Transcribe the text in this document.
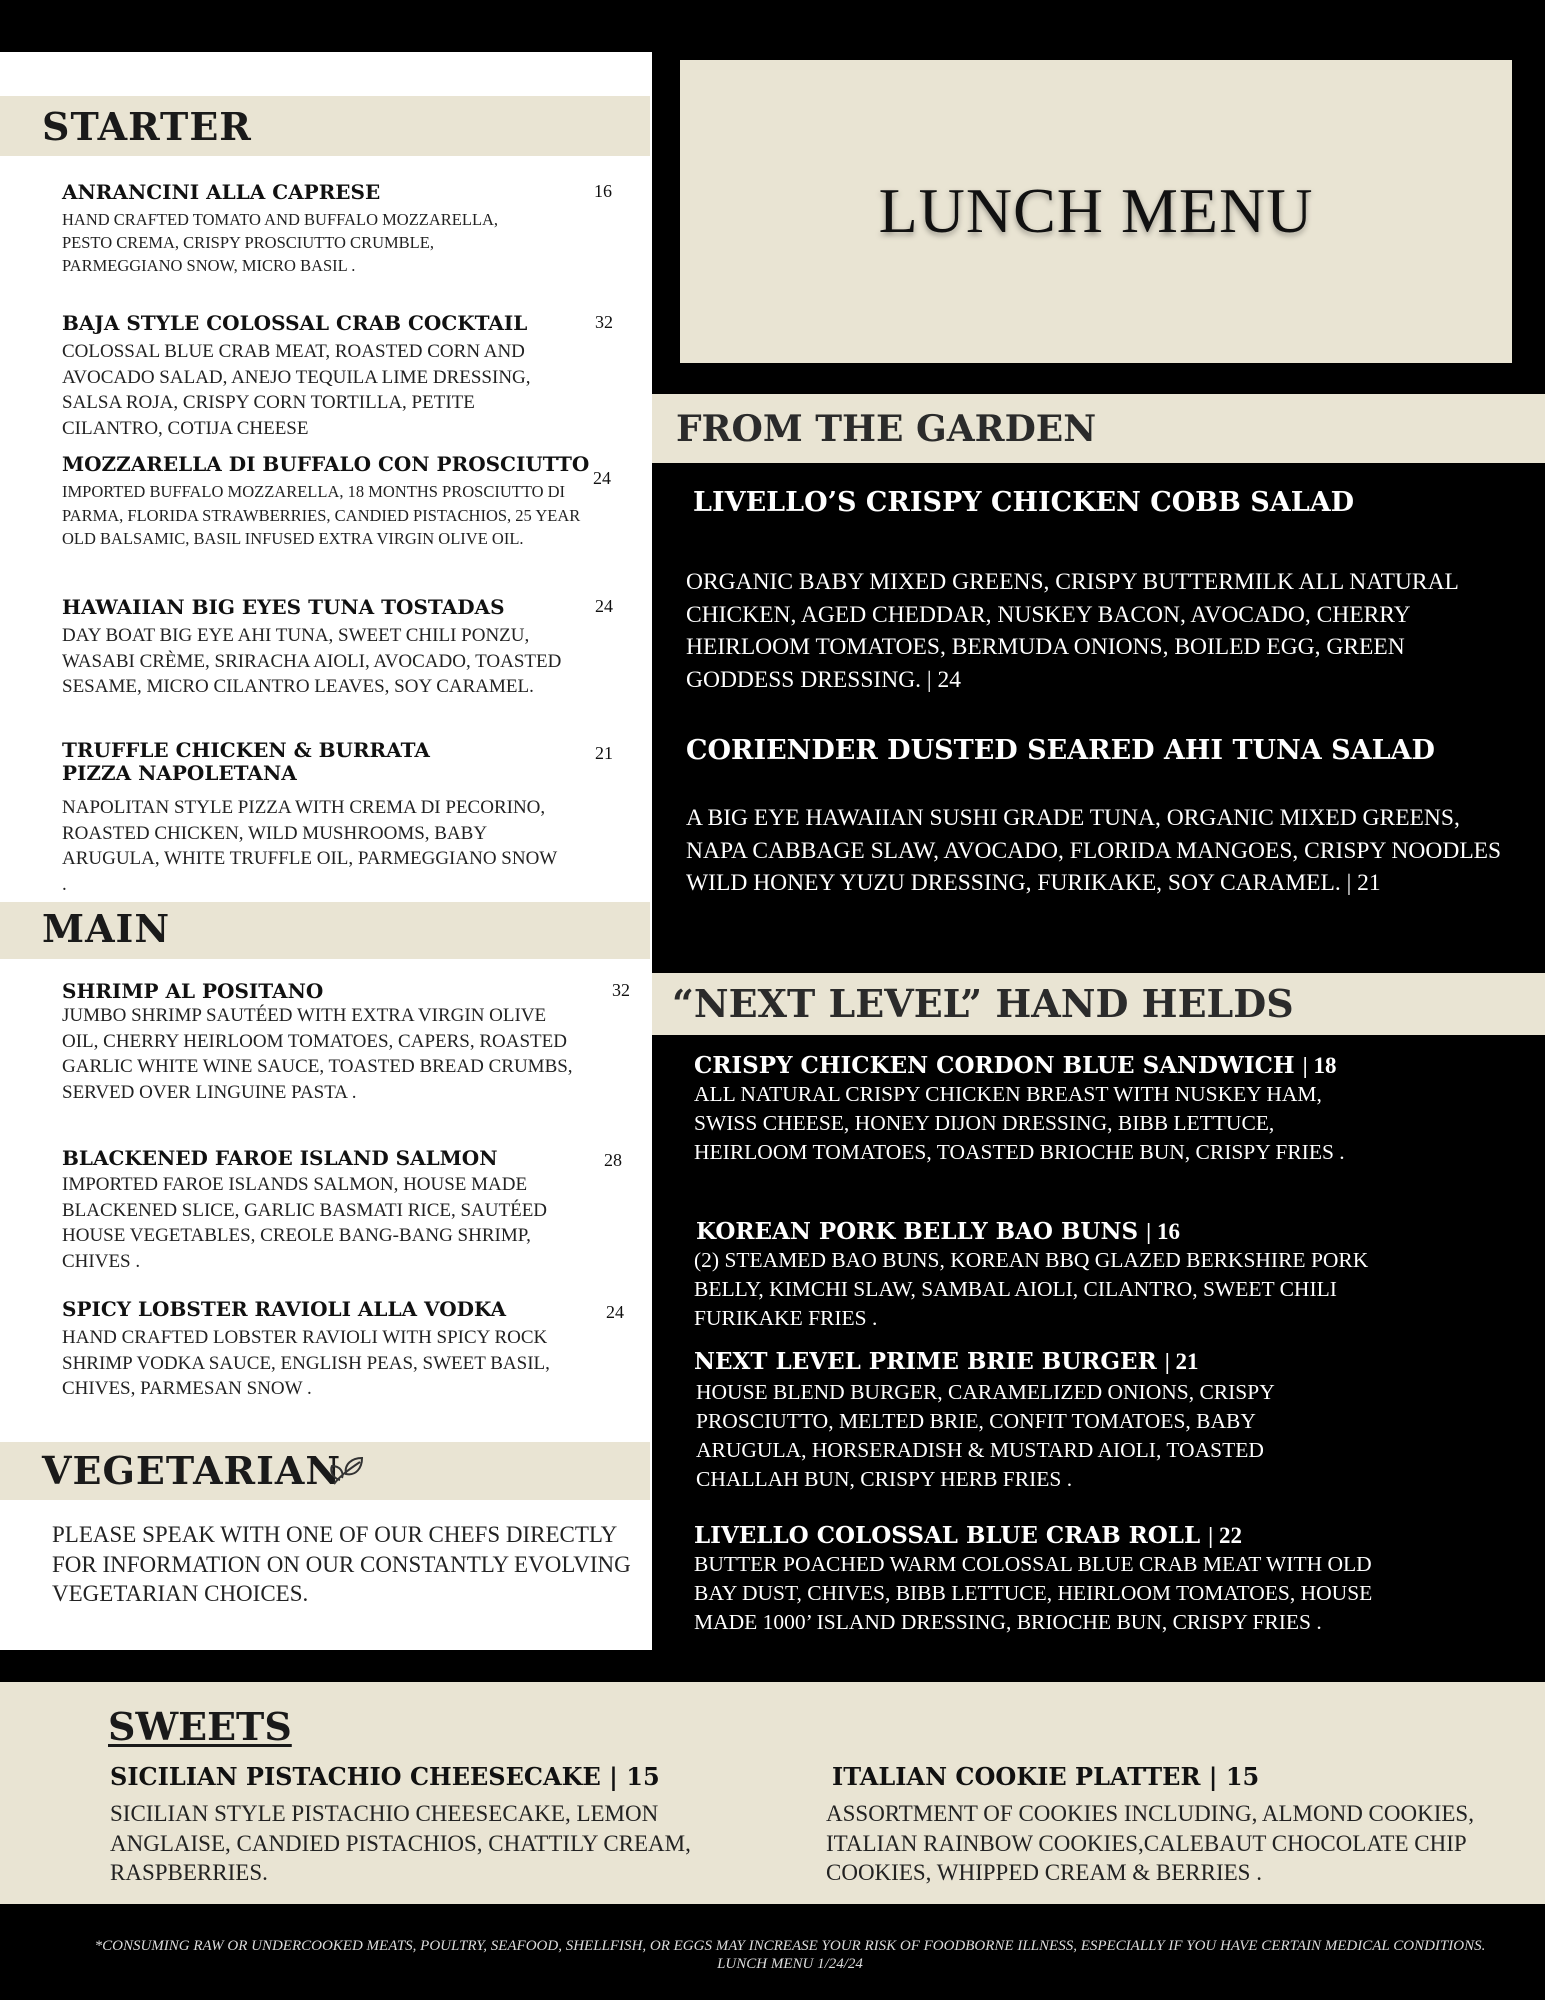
STARTER
ANRANCINI ALLA CAPRESE	16
HAND CRAFTED TOMATO AND BUFFALO MOZZARELLA, PESTO CREMA, CRISPY PROSCIUTTO CRUMBLE, PARMEGGIANO SNOW, MICRO BASIL .
BAJA STYLE COLOSSAL CRAB COCKTAIL	32
COLOSSAL BLUE CRAB MEAT, ROASTED CORN AND AVOCADO SALAD, ANEJO TEQUILA LIME DRESSING, SALSA ROJA, CRISPY CORN TORTILLA, PETITE CILANTRO, COTIJA CHEESE
MOZZARELLA DI BUFFALO CON PROSCIUTTO
24
IMPORTED BUFFALO MOZZARELLA, 18 MONTHS PROSCIUTTO DI PARMA, FLORIDA STRAWBERRIES, CANDIED PISTACHIOS, 25 YEAR OLD BALSAMIC, BASIL INFUSED EXTRA VIRGIN OLIVE OIL.
HAWAIIAN BIG EYES TUNA TOSTADAS	24
DAY BOAT BIG EYE AHI TUNA, SWEET CHILI PONZU, WASABI CRÈME, SRIRACHA AIOLI, AVOCADO, TOASTED SESAME, MICRO CILANTRO LEAVES, SOY CARAMEL.
TRUFFLE CHICKEN & BURRATA PIZZA NAPOLETANA
21
NAPOLITAN STYLE PIZZA WITH CREMA DI PECORINO, ROASTED CHICKEN, WILD MUSHROOMS, BABY ARUGULA, WHITE TRUFFLE OIL, PARMEGGIANO SNOW .
MAIN
SHRIMP AL POSITANO	32
JUMBO SHRIMP SAUTÉED WITH EXTRA VIRGIN OLIVE OIL, CHERRY HEIRLOOM TOMATOES, CAPERS, ROASTED GARLIC WHITE WINE SAUCE, TOASTED BREAD CRUMBS, SERVED OVER LINGUINE PASTA .
BLACKENED FAROE ISLAND SALMON	28
IMPORTED FAROE ISLANDS SALMON, HOUSE MADE BLACKENED SLICE, GARLIC BASMATI RICE, SAUTÉED HOUSE VEGETABLES, CREOLE BANG-BANG SHRIMP, CHIVES .
SPICY LOBSTER RAVIOLI ALLA VODKA	24
HAND CRAFTED LOBSTER RAVIOLI WITH SPICY ROCK SHRIMP VODKA SAUCE, ENGLISH PEAS, SWEET BASIL, CHIVES, PARMESAN SNOW .
VEGETARIAN
PLEASE SPEAK WITH ONE OF OUR CHEFS DIRECTLY FOR INFORMATION ON OUR CONSTANTLY EVOLVING VEGETARIAN CHOICES.
LUNCH MENU
FROM THE GARDEN
LIVELLO’S CRISPY CHICKEN COBB SALAD
ORGANIC BABY MIXED GREENS, CRISPY BUTTERMILK ALL NATURAL CHICKEN, AGED CHEDDAR, NUSKEY BACON, AVOCADO, CHERRY HEIRLOOM TOMATOES, BERMUDA ONIONS, BOILED EGG, GREEN GODDESS DRESSING. | 24
CORIENDER DUSTED SEARED AHI TUNA SALAD
A BIG EYE HAWAIIAN SUSHI GRADE TUNA, ORGANIC MIXED GREENS, NAPA CABBAGE SLAW, AVOCADO, FLORIDA MANGOES, CRISPY NOODLES WILD HONEY YUZU DRESSING, FURIKAKE, SOY CARAMEL. | 21
“NEXT LEVEL” HAND HELDS
CRISPY CHICKEN CORDON BLUE SANDWICH | 18
ALL NATURAL CRISPY CHICKEN BREAST WITH NUSKEY HAM, SWISS CHEESE, HONEY DIJON DRESSING, BIBB LETTUCE, HEIRLOOM TOMATOES, TOASTED BRIOCHE BUN, CRISPY FRIES .
KOREAN PORK BELLY BAO BUNS | 16
(2) STEAMED BAO BUNS, KOREAN BBQ GLAZED BERKSHIRE PORK BELLY, KIMCHI SLAW, SAMBAL AIOLI, CILANTRO, SWEET CHILI FURIKAKE FRIES .
NEXT LEVEL PRIME BRIE BURGER | 21
HOUSE BLEND BURGER, CARAMELIZED ONIONS, CRISPY PROSCIUTTO, MELTED BRIE, CONFIT TOMATOES, BABY ARUGULA, HORSERADISH & MUSTARD AIOLI, TOASTED CHALLAH BUN, CRISPY HERB FRIES .
LIVELLO COLOSSAL BLUE CRAB ROLL | 22
BUTTER POACHED WARM COLOSSAL BLUE CRAB MEAT WITH OLD BAY DUST, CHIVES, BIBB LETTUCE, HEIRLOOM TOMATOES, HOUSE MADE 1000’ ISLAND DRESSING, BRIOCHE BUN, CRISPY FRIES .
SWEETS
SICILIAN PISTACHIO CHEESECAKE | 15
SICILIAN STYLE PISTACHIO CHEESECAKE, LEMON ANGLAISE, CANDIED PISTACHIOS, CHATTILY CREAM, RASPBERRIES.
ITALIAN COOKIE PLATTER | 15
ASSORTMENT OF COOKIES INCLUDING, ALMOND COOKIES, ITALIAN RAINBOW COOKIES,CALEBAUT CHOCOLATE CHIP COOKIES, WHIPPED CREAM & BERRIES .
*CONSUMING RAW OR UNDERCOOKED MEATS, POULTRY, SEAFOOD, SHELLFISH, OR EGGS MAY INCREASE YOUR RISK OF FOODBORNE ILLNESS, ESPECIALLY IF YOU HAVE CERTAIN MEDICAL CONDITIONS. LUNCH MENU 1/24/24
